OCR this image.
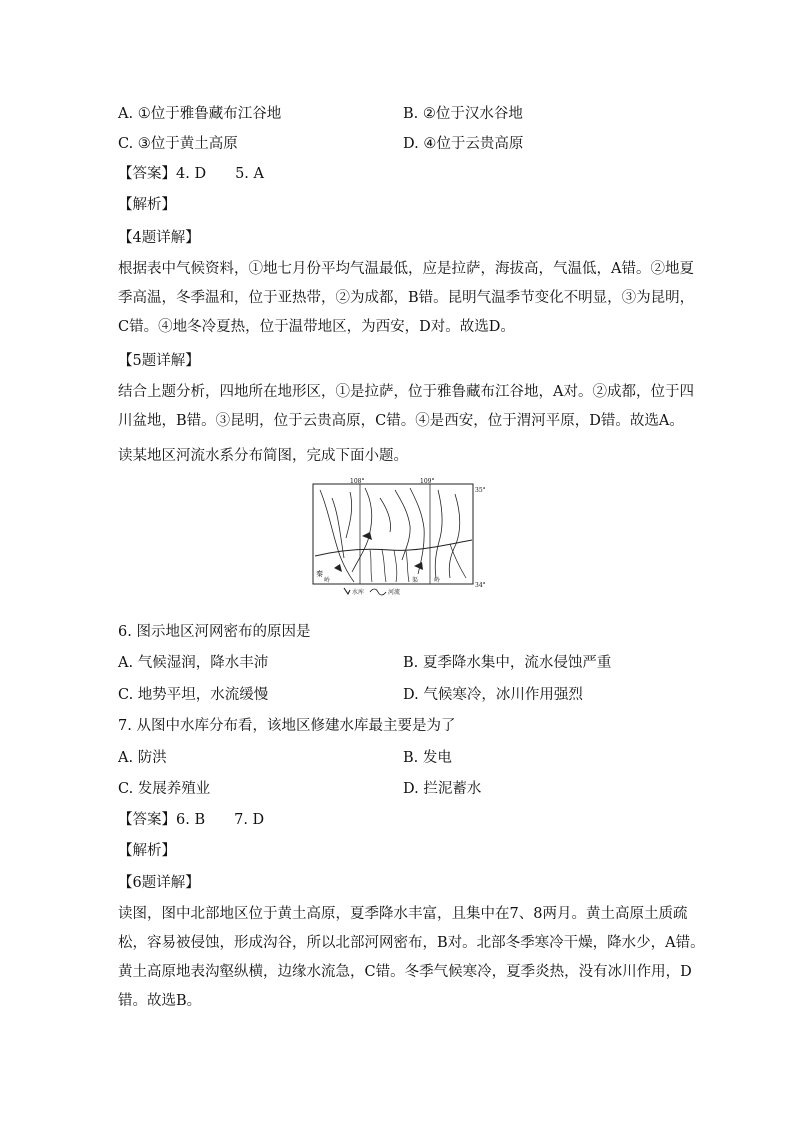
A. ①位于雅鲁藏布江谷地	B. ②位于汉水谷地
C. ③位于黄土高原	D. ④位于云贵高原
【答案】4. D　　5. A
【解析】
【4题详解】
根据表中气候资料，①地七月份平均气温最低，应是拉萨，海拔高，气温低，A错。②地夏
季高温，冬季温和，位于亚热带，②为成都，B错。昆明气温季节变化不明显，③为昆明，
C错。④地冬冷夏热，位于温带地区，为西安，D对。故选D。
【5题详解】
结合上题分析，四地所在地形区，①是拉萨，位于雅鲁藏布江谷地，A对。②成都，位于四
川盆地，B错。③昆明，位于云贵高原，C错。④是西安，位于渭河平原，D错。故选A。
读某地区河流水系分布简图，完成下面小题。
108°	109°
35°
34°
秦
岭	渠	岭
水库	河流
6. 图示地区河网密布的原因是
A. 气候湿润，降水丰沛	B. 夏季降水集中，流水侵蚀严重
C. 地势平坦，水流缓慢	D. 气候寒冷，冰川作用强烈
7. 从图中水库分布看，该地区修建水库最主要是为了
A. 防洪	B. 发电
C. 发展养殖业	D. 拦泥蓄水
【答案】6. B　　7. D
【解析】
【6题详解】
读图，图中北部地区位于黄土高原，夏季降水丰富，且集中在7、8两月。黄土高原土质疏
松，容易被侵蚀，形成沟谷，所以北部河网密布，B对。北部冬季寒冷干燥，降水少，A错。
黄土高原地表沟壑纵横，边缘水流急，C错。冬季气候寒冷，夏季炎热，没有冰川作用，D
错。故选B。
